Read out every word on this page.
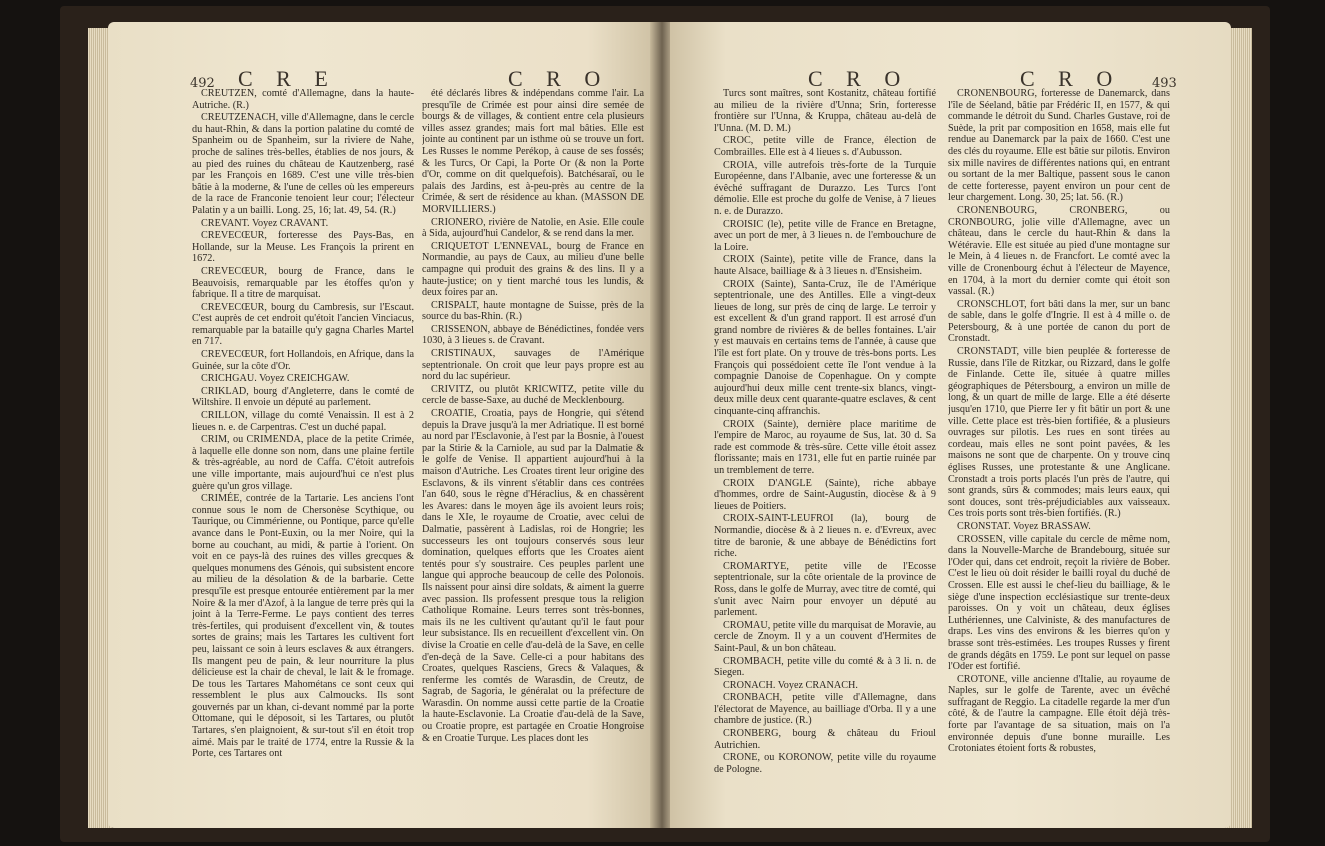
492 C R E	C R O

CREUTZEN, comté d'Allemagne, dans la haute-Autriche. (R.)

CREUTZENACH, ville d'Allemagne, dans le cercle du haut-Rhin, & dans la portion palatine du comté de Spanheim ou de Spanheim, sur la riviere de Nahe, proche de salines très-belles, établies de nos jours, & au pied des ruines du château de Kautzenberg, rasé par les François en 1689. C'est une ville très-bien bâtie à la moderne, & l'une de celles où les empereurs de la race de Franconie tenoient leur cour; l'électeur Palatin y a un bailli. Long. 25, 16; lat. 49, 54. (R.)

CREVANT. Voyez CRAVANT.

CREVECŒUR, forteresse des Pays-Bas, en Hollande, sur la Meuse. Les François la prirent en 1672.

CREVECŒUR, bourg de France, dans le Beauvoisis, remarquable par les étoffes qu'on y fabrique. Il a titre de marquisat.

CREVECŒUR, bourg du Cambresis, sur l'Escaut. C'est auprès de cet endroit qu'étoit l'ancien Vinciacus, remarquable par la bataille qu'y gagna Charles Martel en 717.

CREVECŒUR, fort Hollandois, en Afrique, dans la Guinée, sur la côte d'Or.

CRICHGAU. Voyez CREICHGAW.

CRIKLAD, bourg d'Angleterre, dans le comté de Wiltshire. Il envoie un député au parlement.

CRILLON, village du comté Venaissin. Il est à 2 lieues n. e. de Carpentras. C'est un duché papal.

CRIM, ou CRIMENDA, place de la petite Crimée, à laquelle elle donne son nom, dans une plaine fertile & très-agréable, au nord de Caffa. C'étoit autrefois une ville importante, mais aujourd'hui ce n'est plus guère qu'un gros village.

CRIMÉE, contrée de la Tartarie. Les anciens l'ont connue sous le nom de Chersonèse Scythique, ou Taurique, ou Cimmérienne, ou Pontique, parce qu'elle avance dans le Pont-Euxin, ou la mer Noire, qui la borne au couchant, au midi, & partie à l'orient. On voit en ce pays-là des ruines des villes grecques & quelques monumens des Génois, qui subsistent encore au milieu de la désolation & de la barbarie. Cette presqu'île est presque entourée entièrement par la mer Noire & la mer d'Azof, à la langue de terre près qui la joint à la Terre-Ferme. Le pays contient des terres très-fertiles, qui produisent d'excellent vin, & toutes sortes de grains; mais les Tartares les cultivent fort peu, laissant ce soin à leurs esclaves & aux étrangers. Ils mangent peu de pain, & leur nourriture la plus délicieuse est la chair de cheval, le lait & le fromage. De tous les Tartares Mahométans ce sont ceux qui ressemblent le plus aux Calmoucks. Ils sont gouvernés par un khan, ci-devant nommé par la porte Ottomane, qui le déposoit, si les Tartares, ou plutôt Tartares, s'en plaignoient, & sur-tout s'il en étoit trop aimé. Mais par le traité de 1774, entre la Russie & la Porte, ces Tartares ont

été déclarés libres & indépendans comme l'air. La presqu'île de Crimée est pour ainsi dire semée de bourgs & de villages, & contient entre cela plusieurs villes assez grandes; mais fort mal bâties. Elle est jointe au continent par un isthme où se trouve un fort. Les Russes le nomme Perékop, à cause de ses fossés; & les Turcs, Or Capi, la Porte Or (& non la Porte d'Or, comme on dit quelquefois). Batchésaraï, ou le palais des Jardins, est à-peu-près au centre de la Crimée, & sert de résidence au khan. (MASSON DE MORVILLIERS.)

CRIONERO, rivière de Natolie, en Asie. Elle coule à Sida, aujourd'hui Candelor, & se rend dans la mer.

CRIQUETOT L'ENNEVAL, bourg de France en Normandie, au pays de Caux, au milieu d'une belle campagne qui produit des grains & des lins. Il y a haute-justice; on y tient marché tous les lundis, & deux foires par an.

CRISPALT, haute montagne de Suisse, près de la source du bas-Rhin. (R.)

CRISSENON, abbaye de Bénédictines, fondée vers 1030, à 3 lieues s. de Cravant.

CRISTINAUX, sauvages de l'Amérique septentrionale. On croit que leur pays propre est au nord du lac supérieur.

CRIVITZ, ou plutôt KRICWITZ, petite ville du cercle de basse-Saxe, au duché de Mecklenbourg.

CROATIE, Croatia, pays de Hongrie, qui s'étend depuis la Drave jusqu'à la mer Adriatique. Il est borné au nord par l'Esclavonie, à l'est par la Bosnie, à l'ouest par la Stirie & la Carniole, au sud par la Dalmatie & le golfe de Venise. Il appartient aujourd'hui à la maison d'Autriche. Les Croates tirent leur origine des Esclavons, & ils vinrent s'établir dans ces contrées l'an 640, sous le règne d'Héraclius, & en chassèrent les Avares: dans le moyen âge ils avoient leurs rois; dans le XIe, le royaume de Croatie, avec celui de Dalmatie, passèrent à Ladislas, roi de Hongrie; les successeurs les ont toujours conservés sous leur domination, quelques efforts que les Croates aient tentés pour s'y soustraire. Ces peuples parlent une langue qui approche beaucoup de celle des Polonois. Ils naissent pour ainsi dire soldats, & aiment la guerre avec passion. Ils professent presque tous la religion Catholique Romaine. Leurs terres sont très-bonnes, mais ils ne les cultivent qu'autant qu'il le faut pour leur subsistance. Ils en recueillent d'excellent vin. On divise la Croatie en celle d'au-delà de la Save, en celle d'en-deçà de la Save. Celle-ci a pour habitans des Croates, quelques Rasciens, Grecs & Valaques, & renferme les comtés de Warasdin, de Creutz, de Sagrab, de Sagoria, le généralat ou la préfecture de Warasdin. On nomme aussi cette partie de la Croatie la haute-Esclavonie. La Croatie d'au-delà de la Save, ou Croatie propre, est partagée en Croatie Hongroise & en Croatie Turque. Les places dont les

C R O	C R O 493

Turcs sont maîtres, sont Kostanitz, château fortifié au milieu de la rivière d'Unna; Srin, forteresse frontière sur l'Unna, & Kruppa, château au-delà de l'Unna. (M. D. M.)

CROC, petite ville de France, élection de Combrailles. Elle est à 4 lieues s. d'Aubusson.

CROIA, ville autrefois très-forte de la Turquie Européenne, dans l'Albanie, avec une forteresse & un évêché suffragant de Durazzo. Les Turcs l'ont démolie. Elle est proche du golfe de Venise, à 7 lieues n. e. de Durazzo.

CROISIC (le), petite ville de France en Bretagne, avec un port de mer, à 3 lieues n. de l'embouchure de la Loire.

CROIX (Sainte), petite ville de France, dans la haute Alsace, bailliage & à 3 lieues n. d'Ensisheim.

CROIX (Sainte), Santa-Cruz, île de l'Amérique septentrionale, une des Antilles. Elle a vingt-deux lieues de long, sur près de cinq de large. Le terroir y est excellent & d'un grand rapport. Il est arrosé d'un grand nombre de rivières & de belles fontaines. L'air y est mauvais en certains tems de l'année, à cause que l'île est fort plate. On y trouve de très-bons ports. Les François qui possédoient cette île l'ont vendue à la compagnie Danoise de Copenhague. On y compte aujourd'hui deux mille cent trente-six blancs, vingt-deux mille deux cent quarante-quatre esclaves, & cent cinquante-cinq affranchis.

CROIX (Sainte), dernière place maritime de l'empire de Maroc, au royaume de Sus, lat. 30 d. Sa rade est commode & très-sûre. Cette ville étoit assez florissante; mais en 1731, elle fut en partie ruinée par un tremblement de terre.

CROIX D'ANGLE (Sainte), riche abbaye d'hommes, ordre de Saint-Augustin, diocèse & à 9 lieues de Poitiers.

CROIX-SAINT-LEUFROI (la), bourg de Normandie, diocèse & à 2 lieues n. e. d'Evreux, avec titre de baronie, & une abbaye de Bénédictins fort riche.

CROMARTYE, petite ville de l'Ecosse septentrionale, sur la côte orientale de la province de Ross, dans le golfe de Murray, avec titre de comté, qui s'unit avec Nairn pour envoyer un député au parlement.

CROMAU, petite ville du marquisat de Moravie, au cercle de Znoym. Il y a un couvent d'Hermites de Saint-Paul, & un bon château.

CROMBACH, petite ville du comté & à 3 li. n. de Siegen.

CRONACH. Voyez CRANACH.

CRONBACH, petite ville d'Allemagne, dans l'électorat de Mayence, au bailliage d'Orba. Il y a une chambre de justice. (R.)

CRONBERG, bourg & château du Frioul Autrichien.

CRONE, ou KORONOW, petite ville du royaume de Pologne.

CRONENBOURG, forteresse de Danemarck, dans l'île de Séeland, bâtie par Frédéric II, en 1577, & qui commande le détroit du Sund. Charles Gustave, roi de Suède, la prit par composition en 1658, mais elle fut rendue au Danemarck par la paix de 1660. C'est une des clés du royaume. Elle est bâtie sur pilotis. Environ six mille navires de différentes nations qui, en entrant ou sortant de la mer Baltique, passent sous le canon de cette forteresse, payent environ un pour cent de leur chargement. Long. 30, 25; lat. 56. (R.)

CRONENBOURG, CRONBERG, ou CRONBOURG, jolie ville d'Allemagne, avec un château, dans le cercle du haut-Rhin & dans la Wétéravie. Elle est située au pied d'une montagne sur le Mein, à 4 lieues n. de Francfort. Le comté avec la ville de Cronenbourg échut à l'électeur de Mayence, en 1704, à la mort du dernier comte qui étoit son vassal. (R.)

CRONSCHLOT, fort bâti dans la mer, sur un banc de sable, dans le golfe d'Ingrie. Il est à 4 mille o. de Petersbourg, & à une portée de canon du port de Cronstadt.

CRONSTADT, ville bien peuplée & forteresse de Russie, dans l'île de Ritzkar, ou Rizzard, dans le golfe de Finlande. Cette île, située à quatre milles géographiques de Pétersbourg, a environ un mille de long, & un quart de mille de large. Elle a été déserte jusqu'en 1710, que Pierre Ier y fit bâtir un port & une ville. Cette place est très-bien fortifiée, & a plusieurs ouvrages sur pilotis. Les rues en sont tirées au cordeau, mais elles ne sont point pavées, & les maisons ne sont que de charpente. On y trouve cinq églises Russes, une protestante & une Anglicane. Cronstadt a trois ports placés l'un près de l'autre, qui sont grands, sûrs & commodes; mais leurs eaux, qui sont douces, sont très-préjudiciables aux vaisseaux. Ces trois ports sont très-bien fortifiés. (R.)

CRONSTAT. Voyez BRASSAW.

CROSSEN, ville capitale du cercle de même nom, dans la Nouvelle-Marche de Brandebourg, située sur l'Oder qui, dans cet endroit, reçoit la rivière de Bober. C'est le lieu où doit résider le bailli royal du duché de Crossen. Elle est aussi le chef-lieu du bailliage, & le siège d'une inspection ecclésiastique sur trente-deux paroisses. On y voit un château, deux églises Luthériennes, une Calviniste, & des manufactures de draps. Les vins des environs & les bierres qu'on y brasse sont très-estimées. Les troupes Russes y firent de grands dégâts en 1759. Le pont sur lequel on passe l'Oder est fortifié.

CROTONE, ville ancienne d'Italie, au royaume de Naples, sur le golfe de Tarente, avec un évêché suffragant de Reggio. La citadelle regarde la mer d'un côté, & de l'autre la campagne. Elle étoit déjà très-forte par l'avantage de sa situation, mais on l'a environnée depuis d'une bonne muraille. Les Crotoniates étoient forts & robustes,
